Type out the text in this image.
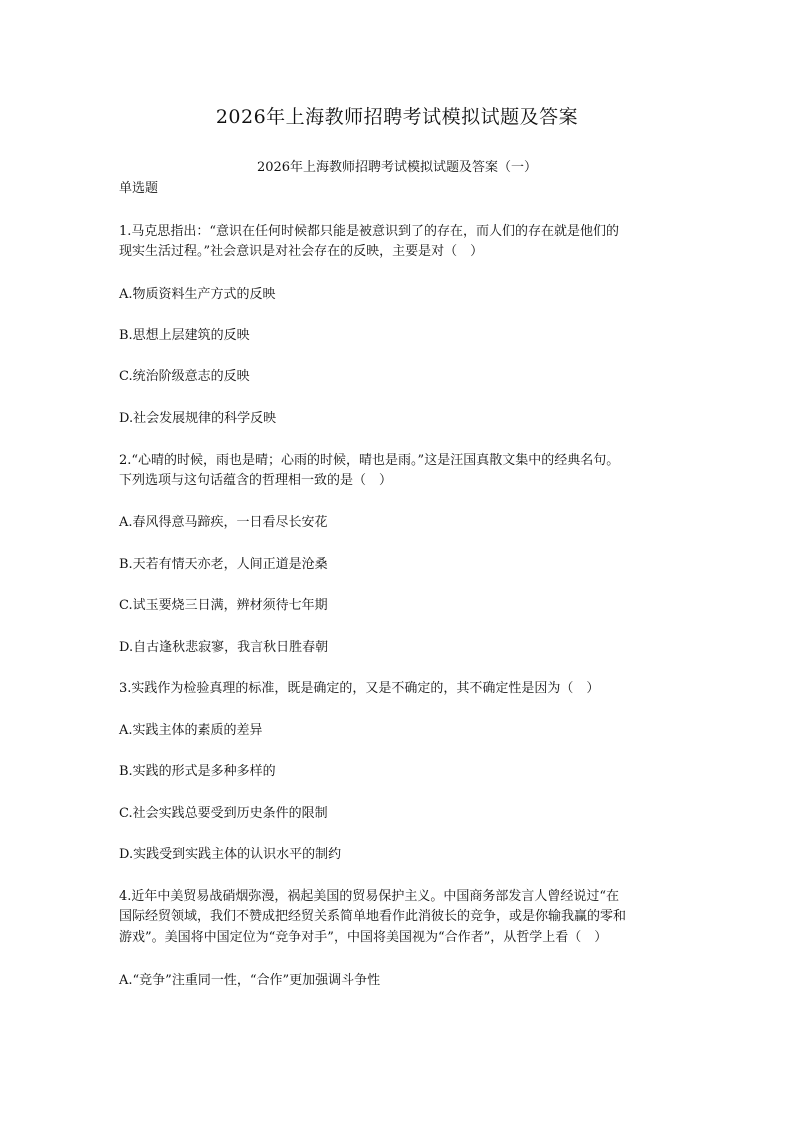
2026年上海教师招聘考试模拟试题及答案
2026年上海教师招聘考试模拟试题及答案（一）
单选题
1.马克思指出：“意识在任何时候都只能是被意识到了的存在，而人们的存在就是他们的
现实生活过程。”社会意识是对社会存在的反映，主要是对（　）
A.物质资料生产方式的反映
B.思想上层建筑的反映
C.统治阶级意志的反映
D.社会发展规律的科学反映
2.“心晴的时候，雨也是晴；心雨的时候，晴也是雨。”这是汪国真散文集中的经典名句。
下列选项与这句话蕴含的哲理相一致的是（　）
A.春风得意马蹄疾，一日看尽长安花
B.天若有情天亦老，人间正道是沧桑
C.试玉要烧三日满，辨材须待七年期
D.自古逢秋悲寂寥，我言秋日胜春朝
3.实践作为检验真理的标准，既是确定的，又是不确定的，其不确定性是因为（　）
A.实践主体的素质的差异
B.实践的形式是多种多样的
C.社会实践总要受到历史条件的限制
D.实践受到实践主体的认识水平的制约
4.近年中美贸易战硝烟弥漫，祸起美国的贸易保护主义。中国商务部发言人曾经说过“在
国际经贸领域，我们不赞成把经贸关系简单地看作此消彼长的竞争，或是你输我赢的零和
游戏”。美国将中国定位为“竞争对手”，中国将美国视为“合作者”，从哲学上看（　）
A.“竞争”注重同一性，“合作”更加强调斗争性
